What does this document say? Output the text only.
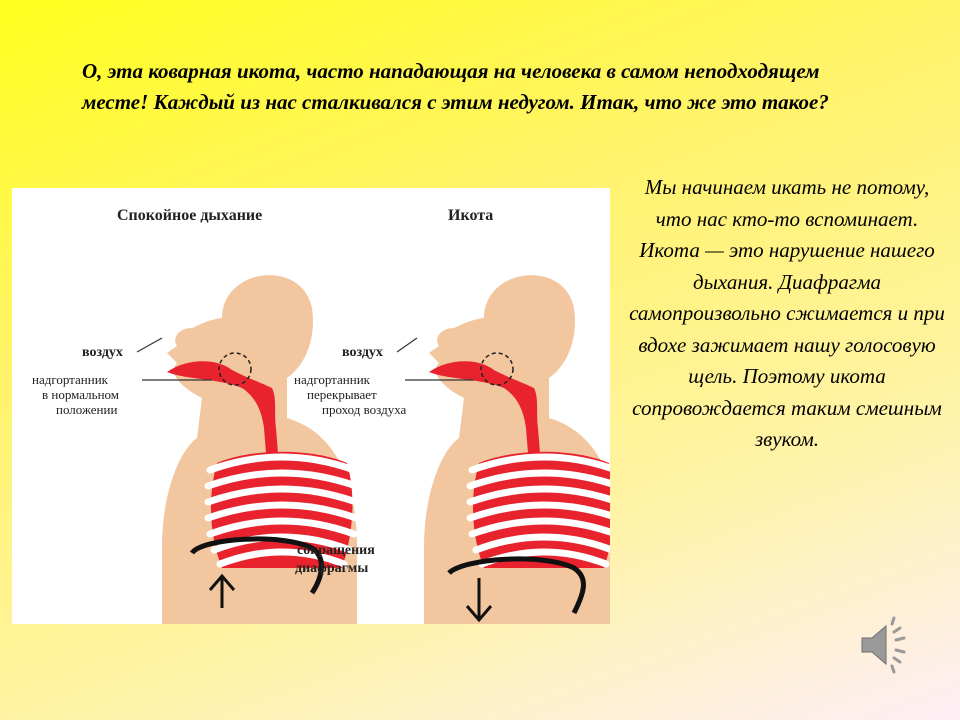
О, эта коварная икота, часто нападающая на человека в самом неподходящем месте! Каждый из нас сталкивался с этим недугом. Итак, что же это такое?

Спокойное дыхание	Икота
воздух	воздух
надгортанник
в нормальном
положении
надгортанник
перекрывает
проход воздуха
сокращения
диафрагмы

Мы начинаем икать не потому, что нас кто-то вспоминает. Икота — это нарушение нашего дыхания. Диафрагма самопроизвольно сжимается и при вдохе зажимает нашу голосовую щель. Поэтому икота сопровождается таким смешным звуком.
